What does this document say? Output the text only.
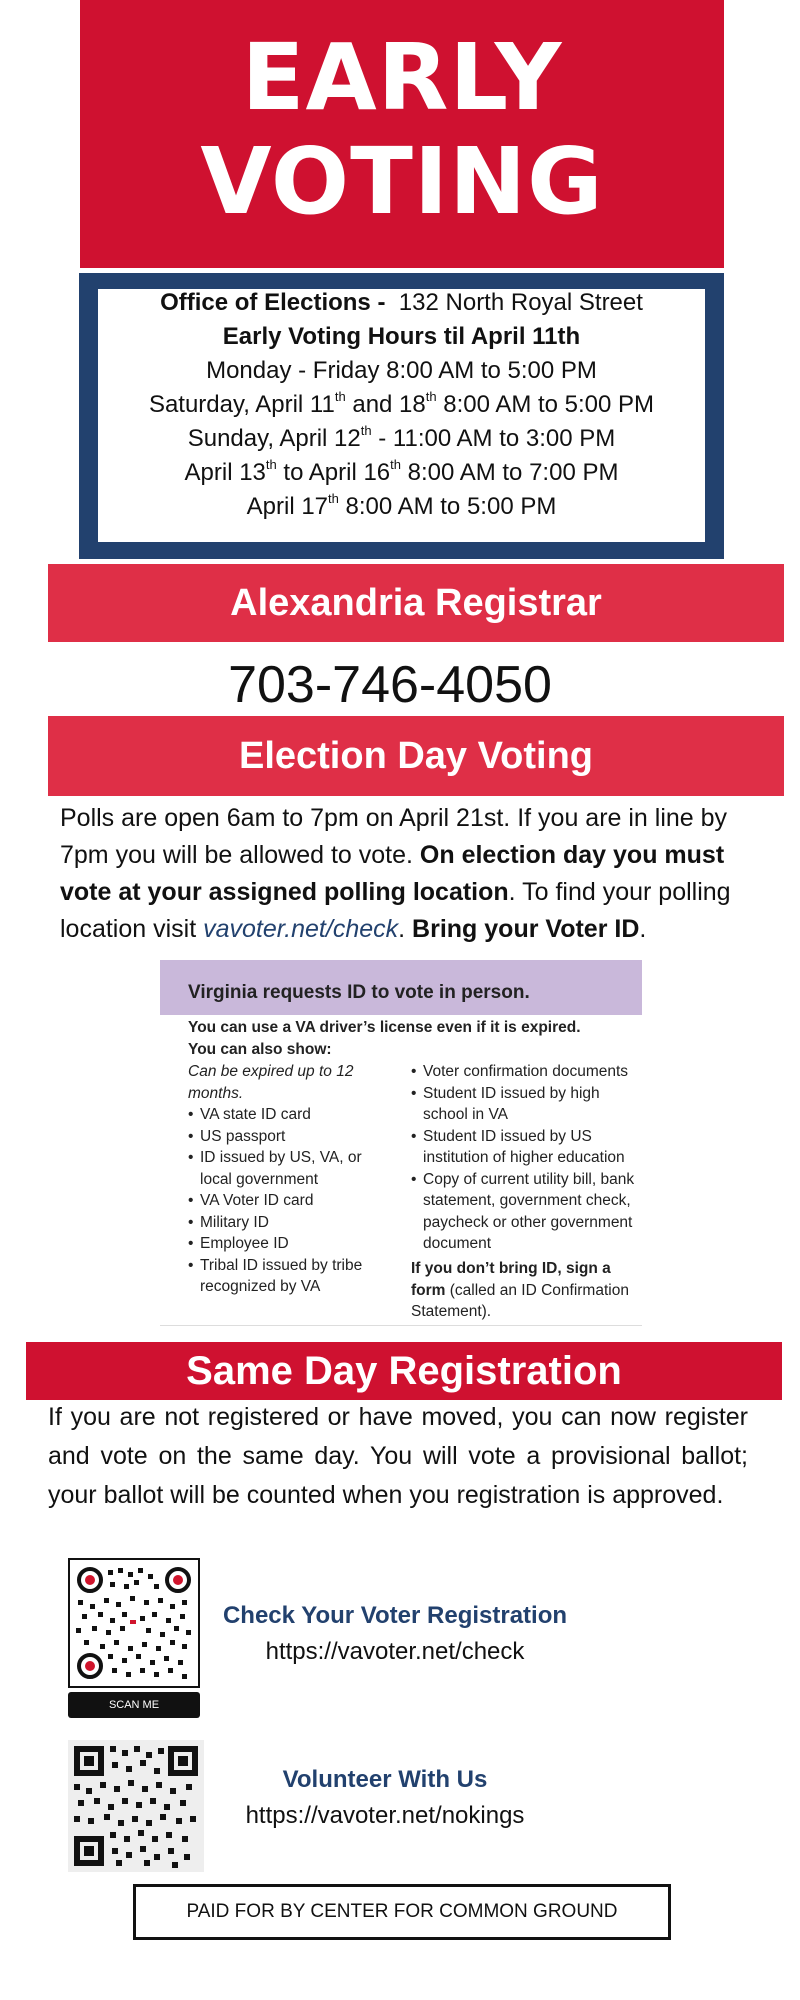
EARLY
VOTING
Office of Elections - 132 North Royal Street
Early Voting Hours til April 11th
Monday - Friday 8:00 AM to 5:00 PM
Saturday, April 11th and 18th 8:00 AM to 5:00 PM
Sunday, April 12th - 11:00 AM to 3:00 PM
April 13th to April 16th 8:00 AM to 7:00 PM
April 17th 8:00 AM to 5:00 PM
Alexandria Registrar
703-746-4050
Election Day Voting
Polls are open 6am to 7pm on April 21st. If you are in line by 7pm you will be allowed to vote. On election day you must vote at your assigned polling location. To find your polling location visit vavoter.net/check. Bring your Voter ID.
Virginia requests ID to vote in person.
You can use a VA driver’s license even if it is expired.
You can also show:
Can be expired up to 12 months.
• VA state ID card
• US passport
• ID issued by US, VA, or local government
• VA Voter ID card
• Military ID
• Employee ID
• Tribal ID issued by tribe recognized by VA
• Voter confirmation documents
• Student ID issued by high school in VA
• Student ID issued by US institution of higher education
• Copy of current utility bill, bank statement, government check, paycheck or other government document
If you don’t bring ID, sign a form (called an ID Confirmation Statement).
Same Day Registration
If you are not registered or have moved, you can now register and vote on the same day. You will vote a provisional ballot; your ballot will be counted when you registration is approved.
SCAN ME
Check Your Voter Registration
https://vavoter.net/check
Volunteer With Us
https://vavoter.net/nokings
PAID FOR BY CENTER FOR COMMON GROUND
